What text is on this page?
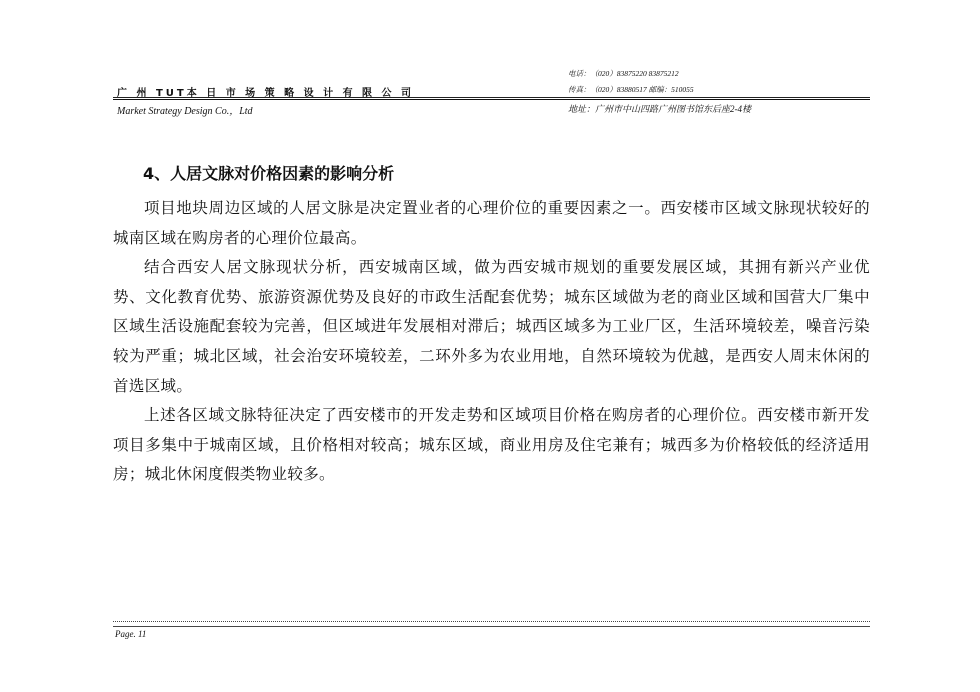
电话：（020）83875220 83875212
传真：（020）83880517 邮编：510055
广 州 TUT本 日 市 场 策 略 设 计 有 限 公 司
Market Strategy Design Co.，Ltd	地址：广州市中山四路广州图书馆东后座2-4楼
4、人居文脉对价格因素的影响分析

项目地块周边区域的人居文脉是决定置业者的心理价位的重要因素之一。西安楼市区域文脉现状较好的城南区域在购房者的心理价位最高。

结合西安人居文脉现状分析，西安城南区域，做为西安城市规划的重要发展区域，其拥有新兴产业优势、文化教育优势、旅游资源优势及良好的市政生活配套优势；城东区域做为老的商业区域和国营大厂集中区域生活设施配套较为完善，但区域进年发展相对滞后；城西区域多为工业厂区，生活环境较差，噪音污染较为严重；城北区域，社会治安环境较差，二环外多为农业用地，自然环境较为优越，是西安人周末休闲的首选区域。

上述各区域文脉特征决定了西安楼市的开发走势和区域项目价格在购房者的心理价位。西安楼市新开发项目多集中于城南区域，且价格相对较高；城东区域，商业用房及住宅兼有；城西多为价格较低的经济适用房；城北休闲度假类物业较多。

Page. 11
